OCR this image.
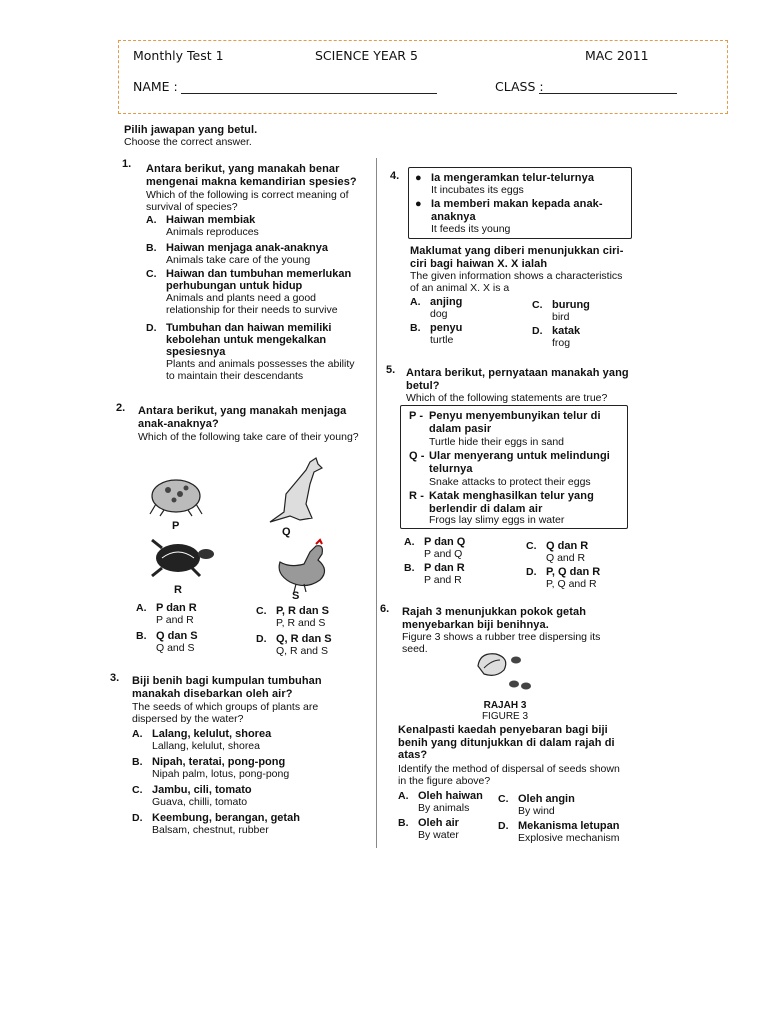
Monthly Test 1	SCIENCE YEAR 5	MAC 2011
NAME :	CLASS :
Pilih jawapan yang betul.
Choose the correct answer.
1. Antara berikut, yang manakah benar mengenai makna kemandirian spesies?
Which of the following is correct meaning of survival of species?
A. Haiwan membiak
Animals reproduces
B. Haiwan menjaga anak-anaknya
Animals take care of the young
C. Haiwan dan tumbuhan memerlukan perhubungan untuk hidup
Animals and plants need a good relationship for their needs to survive
D. Tumbuhan dan haiwan memiliki kebolehan untuk mengekalkan spesiesnya
Plants and animals possesses the ability to maintain their descendants
2. Antara berikut, yang manakah menjaga anak-anaknya?
Which of the following take care of their young?
P	Q
R	S
A. P dan R
P and R
B. Q dan S
Q and S
C. P, R dan S
P, R and S
D. Q, R dan S
Q, R and S
3. Biji benih bagi kumpulan tumbuhan manakah disebarkan oleh air?
The seeds of which groups of plants are dispersed by the water?
A. Lalang, kelulut, shorea
Lallang, kelulut, shorea
B. Nipah, teratai, pong-pong
Nipah palm, lotus, pong-pong
C. Jambu, cili, tomato
Guava, chilli, tomato
D. Keembung, berangan, getah
Balsam, chestnut, rubber
4. ● Ia mengeramkan telur-telurnya
It incubates its eggs
● Ia memberi makan kepada anak-anaknya
It feeds its young
Maklumat yang diberi menunjukkan ciri-ciri bagi haiwan X. X ialah
The given information shows a characteristics of an animal X. X is a
A. anjing
dog
B. penyu
turtle
C. burung
bird
D. katak
frog
5. Antara berikut, pernyataan manakah yang betul?
Which of the following statements are true?
P - Penyu menyembunyikan telur di dalam pasir
Turtle hide their eggs in sand
Q - Ular menyerang untuk melindungi telurnya
Snake attacks to protect their eggs
R - Katak menghasilkan telur yang berlendir di dalam air
Frogs lay slimy eggs in water
A. P dan Q
P and Q
B. P dan R
P and R
C. Q dan R
Q and R
D. P, Q dan R
P, Q and R
6. Rajah 3 menunjukkan pokok getah menyebarkan biji benihnya.
Figure 3 shows a rubber tree dispersing its seed.
RAJAH 3
FIGURE 3
Kenalpasti kaedah penyebaran bagi biji benih yang ditunjukkan di dalam rajah di atas?
Identify the method of dispersal of seeds shown in the figure above?
A. Oleh haiwan
By animals
B. Oleh air
By water
C. Oleh angin
By wind
D. Mekanisma letupan
Explosive mechanism
